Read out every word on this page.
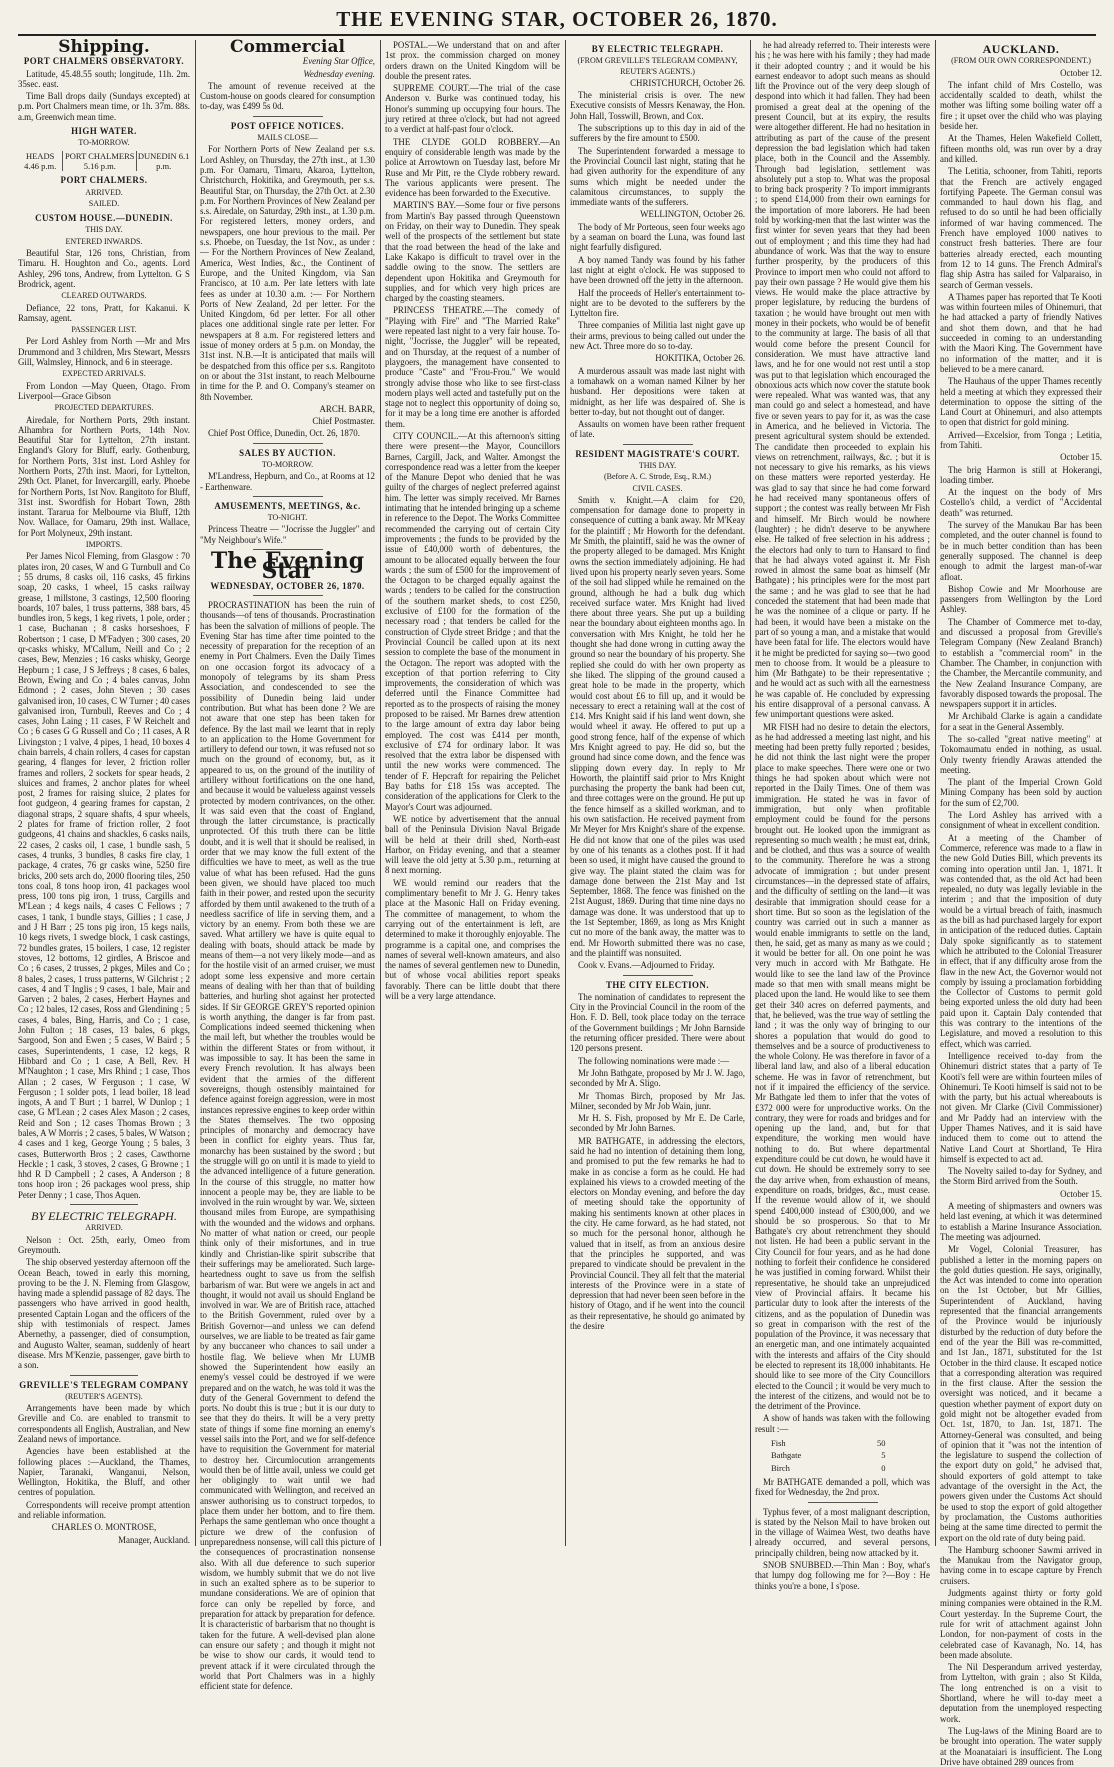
THE EVENING STAR, OCTOBER 26, 1870.

Shipping.

PORT CHALMERS OBSERVATORY.

Latitude, 45.48.55 south; longitude, 11h. 2m. 35sec. east.

Time Ball drops daily (Sundays excepted) at p.m. Port Chalmers mean time, or 1h. 37m. 88s. a.m, Greenwich mean time.

HIGH WATER.

TO-MORROW.

HEADS 4.46 p.m.	PORT CHALMERS 5.16 p.m.	DUNEDIN 6.1 p.m.

PORT CHALMERS.

ARRIVED.

SAILED.

CUSTOM HOUSE.—DUNEDIN.

THIS DAY.

ENTERED INWARDS.

Beautiful Star, 126 tons, Christian, from Timaru. H. Houghton and Co., agents. Lord Ashley, 296 tons, Andrew, from Lyttelton. G S Brodrick, agent.

CLEARED OUTWARDS.

Defiance, 22 tons, Pratt, for Kakanui. K Ramsay, agent.

PASSENGER LIST.

Per Lord Ashley from North —Mr and Mrs Drummond and 3 children, Mrs Stewart, Messrs Gill, Walmsley, Hinnock, and 6 in steerage.

EXPECTED ARRIVALS.

From London —May Queen, Otago. From Liverpool—Grace Gibson

PROJECTED DEPARTURES.

Airedale, for Northern Ports, 29th instant. Alhambra for Northern Ports, 14th Nov. Beautiful Star for Lyttelton, 27th instant. England's Glory for Bluff, early. Gothenburg, for Northern Ports, 31st inst. Lord Ashley for Northern Ports, 27th inst. Maori, for Lyttelton, 29th Oct. Planet, for Invercargill, early. Phoebe for Northern Ports, 1st Nov. Rangitoto for Bluff, 31st inst. Swordfish for Hobart Town, 28th instant. Tararua for Melbourne via Bluff, 12th Nov. Wallace, for Oamaru, 29th inst. Wallace, for Port Molyneux, 29th instant.

IMPORTS.

Per James Nicol Fleming, from Glasgow : 70 plates iron, 20 cases, W and G Turnbull and Co ; 55 drums, 8 casks oil, 116 casks, 45 firkins soap, 20 casks, 1 wheel, 15 casks railway grease, 1 millstone, 3 castings, 12,500 flooring boards, 107 bales, 1 truss patterns, 388 bars, 45 bundles iron, 5 kegs, 1 keg rivets, 1 pole, order ; 1 case, Buchanan ; 8 casks horseshoes, F Robertson ; 1 case, D M'Fadyen ; 300 cases, 20 qr-casks whisky, M'Callum, Neill and Co ; 2 cases, Bew, Menzies ; 16 casks whisky, George Hepburn ; 1 case, J S Jeffreys ; 8 cases, 6 bales, Brown, Ewing and Co ; 4 bales canvas, John Edmond ; 2 cases, John Steven ; 30 cases galvanised iron, 10 cases, C W Turner ; 40 cases galvanised iron, Turnbull, Reeves and Co ; 4 cases, John Laing ; 11 cases, F W Reichelt and Co ; 6 cases G G Russell and Co ; 11 cases, A R Livingston ; 1 valve, 4 pipes, 1 head, 10 boxes 4 chain barrels, 4 chain rollers, 4 cases for capstan gearing, 4 flanges for lever, 2 friction roller frames and rollers, 2 sockets for spear heads, 2 sluices and frames, 2 anchor plates for wheel post, 2 frames for raising sluice, 2 plates for foot gudgeon, 4 gearing frames for capstan, 2 diagonal straps, 2 square shafts, 4 spur wheels, 2 plates for frame of friction roller, 2 foot gudgeons, 41 chains and shackles, 6 casks nails, 22 cases, 2 casks oil, 1 case, 1 bundle sash, 5 cases, 4 trunks, 3 bundles, 8 casks fire clay, 1 package, 4 crates, 76 gr casks wine, 5250 fire bricks, 200 sets arch do, 2000 flooring tiles, 250 tons coal, 8 tons hoop iron, 41 packages wool press, 100 tons pig iron, 1 truss, Cargills and M'Lean ; 4 kegs nails, 4 cases C Fellows ; 7 cases, 1 tank, 1 bundle stays, Gillies ; 1 case, J and J H Barr ; 25 tons pig iron, 15 kegs nails, 10 kegs rivets, 1 swedge block, 1 cask castings, 72 bundles grates, 15 boilers, 1 case, 12 register stoves, 12 bottoms, 12 girdles, A Briscoe and Co ; 6 cases, 2 trusses, 2 pkges, Miles and Co ; 8 bales, 2 cases, 1 truss patterns, W Gilchrist ; 2 cases, 4 and T Inglis ; 9 cases, 1 bale, Mair and Garven ; 2 bales, 2 cases, Herbert Haynes and Co ; 12 bales, 12 cases, Ross and Glendining ; 5 cases, 4 bales, Bing, Harris, and Co ; 1 case, John Fulton ; 18 cases, 13 bales, 6 pkgs, Sargood, Son and Ewen ; 5 cases, W Baird ; 5 cases, Superintendents, 1 case, 12 kegs, R Hibbard and Co ; 1 case, A Bell, Rev. H M'Naughton ; 1 case, Mrs Rhind ; 1 case, Thos Allan ; 2 cases, W Ferguson ; 1 case, W Ferguson ; 1 solder pots, 1 lead boiler, 18 lead ingots, A and T Burt ; 1 barrel, W Dunlop ; 1 case, G M'Lean ; 2 cases Alex Mason ; 2 cases, Reid and Son ; 12 cases Thomas Brown ; 3 bales, A W Morris ; 2 cases, 5 bales, W Watson ; 4 cases and 1 keg, George Young ; 5 bales, 3 cases, Butterworth Bros ; 2 cases, Cawthorne Heckle ; 1 cask, 3 stoves, 2 cases, G Browne ; 1 hhd R D Campbell ; 2 cases, A Anderson ; 8 tons hoop iron ; 26 packages wool press, ship Peter Denny ; 1 case, Thos Aquen.

BY ELECTRIC TELEGRAPH.

ARRIVED.

Nelson : Oct. 25th, early, Omeo from Greymouth.

The ship observed yesterday afternoon off the Ocean Beach, towed in early this morning, proving to be the J. N. Fleming from Glasgow, having made a splendid passage of 82 days. The passengers who have arrived in good health, presented Captain Logan and the officers of the ship with testimonials of respect. James Abernethy, a passenger, died of consumption, and Augusto Walter, seaman, suddenly of heart disease. Mrs M'Kenzie, passenger, gave birth to a son.

GREVILLE'S TELEGRAM COMPANY

(REUTER'S AGENTS).

Arrangements have been made by which Greville and Co. are enabled to transmit to correspondents all English, Australian, and New Zealand news of importance.

Agencies have been established at the following places :—Auckland, the Thames, Napier, Taranaki, Wanganui, Nelson, Wellington, Hokitika, the Bluff, and other centres of population.

Correspondents will receive prompt attention and reliable information.

CHARLES O. MONTROSE,

Manager, Auckland.

Commercial

Evening Star Office,

Wednesday evening.

The amount of revenue received at the Custom-house on goods cleared for consumption to-day, was £499 5s 0d.

POST OFFICE NOTICES.

MAILS CLOSE—

For Northern Ports of New Zealand per s.s. Lord Ashley, on Thursday, the 27th inst., at 1.30 p.m. For Oamaru, Timaru, Akaroa, Lyttelton, Christchurch, Hokitika, and Greymouth, per s.s. Beautiful Star, on Thursday, the 27th Oct. at 2.30 p.m. For Northern Provinces of New Zealand per s.s. Airedale, on Saturday, 29th inst., at 1.30 p.m. For registered letters, money orders, and newspapers, one hour previous to the mail. Per s.s. Phoebe, on Tuesday, the 1st Nov., as under :— For the Northern Provinces of New Zealand, America, West Indies, &c., the Continent of Europe, and the United Kingdom, via San Francisco, at 10 a.m. Per late letters with late fees as under at 10.30 a.m. :— For Northern Ports of New Zealand, 2d per letter. For the United Kingdom, 6d per letter. For all other places one additional single rate per letter. For newspapers at 8 a.m. For registered letters and issue of money orders at 5 p.m. on Monday, the 31st inst. N.B.—It is anticipated that mails will be despatched from this office per s.s. Rangitoto on or about the 31st instant, to reach Melbourne in time for the P. and O. Company's steamer on 8th November.

ARCH. BARR,

Chief Postmaster.

Chief Post Office, Dunedin, Oct. 26, 1870.

SALES BY AUCTION.

TO-MORROW.

M'Landress, Hepburn, and Co., at Rooms at 12 - Earthenware.

AMUSEMENTS, MEETINGS, &c.

TO-NIGHT.

Princess Theatre — "Jocrisse the Juggler" and "My Neighbour's Wife."

The Evening Star

WEDNESDAY, OCTOBER 26, 1870.

PROCRASTINATION has been the ruin of thousands—of tens of thousands. Procrastination has been the salvation of millions of people. The Evening Star has time after time pointed to the necessity of preparation for the reception of an enemy in Port Chalmers. Even the Daily Times on one occasion forgot its advocacy of a monopoly of telegrams by its sham Press Association, and condescended to see the possibility of Dunedin being laid under contribution. But what has been done ? We are not aware that one step has been taken for defence. By the last mail we learnt that in reply to an application to the Home Government for artillery to defend our town, it was refused not so much on the ground of economy, but, as it appeared to us, on the ground of the inutility of artillery without fortifications on the one hand, and because it would be valueless against vessels protected by modern contrivances, on the other. It was said even that the coast of England, through the latter circumstance, is practically unprotected. Of this truth there can be little doubt, and it is well that it should be realised, in order that we may know the full extent of the difficulties we have to meet, as well as the true value of what has been refused. Had the guns been given, we should have placed too much faith in their power, and rested upon the security afforded by them until awakened to the truth of a needless sacrifice of life in serving them, and a victory by an enemy. From both these we are saved. What artillery we have is quite equal to dealing with boats, should attack be made by means of them—a not very likely mode—and as for the hostile visit of an armed cruiser, we must adopt some less expensive and more certain means of dealing with her than that of building batteries, and hurling shot against her protected sides. If Sir GEORGE GREY'S reported opinion is worth anything, the danger is far from past. Complications indeed seemed thickening when the mail left, but whether the troubles would be within the different States or from without, it was impossible to say. It has been the same in every French revolution. It has always been evident that the armies of the different sovereigns, though ostensibly maintained for defence against foreign aggression, were in most instances repressive engines to keep order within the States themselves. The two opposing principles of monarchy and democracy have been in conflict for eighty years. Thus far, monarchy has been sustained by the sword ; but the struggle will go on until it is made to yield to the advanced intelligence of a future generation. In the course of this struggle, no matter how innocent a people may be, they are liable to be involved in the ruin wrought by war. We, sixteen thousand miles from Europe, are sympathising with the wounded and the widows and orphans. No matter of what nation or creed, our people think only of their misfortunes, and in true kindly and Christian-like spirit subscribe that their sufferings may be ameliorated. Such large-heartedness ought to save us from the selfish barbarism of war. But were we angels in act and thought, it would not avail us should England be involved in war. We are of British race, attached to the British Government, ruled over by a British Governor—and unless we can defend ourselves, we are liable to be treated as fair game by any buccaneer who chances to sail under a hostile flag. We believe when Mr LUMB showed the Superintendent how easily an enemy's vessel could be destroyed if we were prepared and on the watch, he was told it was the duty of the General Government to defend the ports. No doubt this is true ; but it is our duty to see that they do theirs. It will be a very pretty state of things if some fine morning an enemy's vessel sails into the Port, and we for self-defence have to requisition the Government for material to destroy her. Circumlocution arrangements would then be of little avail, unless we could get her obligingly to wait until we had communicated with Wellington, and received an answer authorising us to construct torpedos, to place them under her bottom, and to fire them. Perhaps the same gentleman who once thought a picture we drew of the confusion of unpreparedness nonsense, will call this picture of the consequences of procrastination nonsense also. With all due deference to such superior wisdom, we humbly submit that we do not live in such an exalted sphere as to be superior to mundane considerations. We are of opinion that force can only be repelled by force, and preparation for attack by preparation for defence. It is characteristic of barbarism that no thought is taken for the future. A well-devised plan alone can ensure our safety ; and though it might not be wise to show our cards, it would tend to prevent attack if it were circulated through the world that Port Chalmers was in a highly efficient state for defence.

POSTAL.—We understand that on and after 1st prox. the commission charged on money orders drawn on the United Kingdom will be double the present rates.

SUPREME COURT.—The trial of the case Anderson v. Burke was continued today, his Honor's summing up occupying four hours. The jury retired at three o'clock, but had not agreed to a verdict at half-past four o'clock.

THE CLYDE GOLD ROBBERY.—An enquiry of considerable length was made by the police at Arrowtown on Tuesday last, before Mr Ruse and Mr Pitt, re the Clyde robbery reward. The various applicants were present. The evidence has been forwarded to the Executive.

MARTIN'S BAY.—Some four or five persons from Martin's Bay passed through Queenstown on Friday, on their way to Dunedin. They speak well of the prospects of the settlement but state that the road between the head of the lake and Lake Kakapo is difficult to travel over in the saddle owing to the snow. The settlers are dependent upon Hokitika and Greymouth for supplies, and for which very high prices are charged by the coasting steamers.

PRINCESS THEATRE.—The comedy of "Playing with Fire" and "The Married Rake" were repeated last night to a very fair house. To-night, "Jocrisse, the Juggler" will be repeated, and on Thursday, at the request of a number of playgoers, the management have consented to produce "Caste" and "Frou-Frou." We would strongly advise those who like to see first-class modern plays well acted and tastefully put on the stage not to neglect this opportunity of doing so, for it may be a long time ere another is afforded them.

CITY COUNCIL.—At this afternoon's sitting there were present—the Mayor, Councillors Barnes, Cargill, Jack, and Walter. Amongst the correspondence read was a letter from the keeper of the Manure Depot who denied that he was guilty of the charges of neglect preferred against him. The letter was simply received. Mr Barnes intimating that he intended bringing up a scheme in reference to the Depot. The Works Committee recommended the carrying out of certain City improvements ; the funds to be provided by the issue of £40,000 worth of debentures, the amount to be allocated equally between the four wards ; the sum of £500 for the improvement of the Octagon to be charged equally against the wards ; tenders to be called for the construction of the southern market sheds, to cost £250, exclusive of £100 for the formation of the necessary road ; that tenders be called for the construction of Clyde street Bridge ; and that the Provincial Council be called upon at its next session to complete the base of the monument in the Octagon. The report was adopted with the exception of that portion referring to City improvements, the consideration of which was deferred until the Finance Committee had reported as to the prospects of raising the money proposed to be raised. Mr Barnes drew attention to the large amount of extra day labor being employed. The cost was £414 per month, exclusive of £74 for ordinary labor. It was resolved that the extra labor be dispensed with until the new works were commenced. The tender of F. Hepcraft for repairing the Pelichet Bay baths for £18 15s was accepted. The consideration of the applications for Clerk to the Mayor's Court was adjourned.

WE notice by advertisement that the annual ball of the Peninsula Division Naval Brigade will be held at their drill shed, North-east Harbor, on Friday evening, and that a steamer will leave the old jetty at 5.30 p.m., returning at 8 next morning.

WE would remind our readers that the complimentary benefit to Mr J. G. Henry takes place at the Masonic Hall on Friday evening. The committee of management, to whom the carrying out of the entertainment is left, are determined to make it thoroughly enjoyable. The programme is a capital one, and comprises the names of several well-known amateurs, and also the names of several gentlemen new to Dunedin, but of whose vocal abilities report speaks favorably. There can be little doubt that there will be a very large attendance.

BY ELECTRIC TELEGRAPH.

(FROM GREVILLE'S TELEGRAM COMPANY, REUTER'S AGENTS.)

CHRISTCHURCH, October 26.

The ministerial crisis is over. The new Executive consists of Messrs Kenaway, the Hon. John Hall, Tosswill, Brown, and Cox.

The subscriptions up to this day in aid of the sufferers by the fire amount to £500.

The Superintendent forwarded a message to the Provincial Council last night, stating that he had given authority for the expenditure of any sums which might be needed under the calamitous circumstances, to supply the immediate wants of the sufferers.

WELLINGTON, October 26.

The body of Mr Porteous, seen four weeks ago by a seaman on board the Luna, was found last night fearfully disfigured.

A boy named Tandy was found by his father last night at eight o'clock. He was supposed to have been drowned off the jetty in the afternoon.

Half the proceeds of Heller's entertainment to-night are to be devoted to the sufferers by the Lyttelton fire.

Three companies of Militia last night gave up their arms, previous to being called out under the new Act. Three more do so to-day.

HOKITIKA, October 26.

A murderous assault was made last night with a tomahawk on a woman named Kilner by her husband. Her depositions were taken at midnight, as her life was despaired of. She is better to-day, but not thought out of danger.

Assaults on women have been rather frequent of late.

RESIDENT MAGISTRATE'S COURT.

THIS DAY.

(Before A. C. Strode, Esq., R.M.)

CIVIL CASES.

Smith v. Knight.—A claim for £20, compensation for damage done to property in consequence of cutting a bank away. Mr M'Keay for the plaintiff ; Mr Howorth for the defendant. Mr Smith, the plaintiff, said he was the owner of the property alleged to be damaged. Mrs Knight owns the section immediately adjoining. He had lived upon his property nearly seven years. Some of the soil had slipped while he remained on the ground, although he had a bulk dug which received surface water. Mrs Knight had lived there about three years. She put up a building near the boundary about eighteen months ago. In conversation with Mrs Knight, he told her he thought she had done wrong in cutting away the ground so near the boundary of his property. She replied she could do with her own property as she liked. The slipping of the ground caused a great hole to be made in the property, which would cost about £6 to fill up, and it would be necessary to erect a retaining wall at the cost of £14. Mrs Knight said if his land went down, she would wheel it away. He offered to put up a good strong fence, half of the expense of which Mrs Knight agreed to pay. He did so, but the ground had since come down, and the fence was slipping down every day. In reply to Mr Howorth, the plaintiff said prior to Mrs Knight purchasing the property the bank had been cut, and three cottages were on the ground. He put up the fence himself as a skilled workman, and to his own satisfaction. He received payment from Mr Meyer for Mrs Knight's share of the expense. He did not know that one of the piles was used by one of his tenants as a clothes post. If it had been so used, it might have caused the ground to give way. The plaint stated the claim was for damage done between the 21st May and 1st September, 1868. The fence was finished on the 21st August, 1869. During that time nine days no damage was done. It was understood that up to the 1st September, 1869, as long as Mrs Knight cut no more of the bank away, the matter was to end. Mr Howorth submitted there was no case, and the plaintiff was nonsuited.

Cook v. Evans.—Adjourned to Friday.

THE CITY ELECTION.

The nomination of candidates to represent the City in the Provincial Council in the room of the Hon. F. D. Bell, took place today on the terrace of the Government buildings ; Mr John Barnside the returning officer presided. There were about 120 persons present.

The following nominations were made :—

Mr John Bathgate, proposed by Mr J. W. Jago, seconded by Mr A. Sligo.

Mr Thomas Birch, proposed by Mr Jas. Milner, seconded by Mr Job Wain, junr.

Mr H. S. Fish, proposed by Mr E. De Carle, seconded by Mr John Barnes.

MR BATHGATE, in addressing the electors, said he had no intention of detaining them long, and promised to put the few remarks he had to make in as concise a form as he could. He had explained his views to a crowded meeting of the electors on Monday evening, and before the day of meeting should take the opportunity of making his sentiments known at other places in the city. He came forward, as he had stated, not so much for the personal honor, although he valued that in itself, as from an anxious desire that the principles he supported, and was prepared to vindicate should be prevalent in the Provincial Council. They all felt that the material interests of the Province were in a state of depression that had never been seen before in the history of Otago, and if he went into the council as their representative, he should go animated by the desire

he had already referred to. Their interests were his ; he was here with his family ; they had made it their adopted country ; and it would be his earnest endeavor to adopt such means as should lift the Province out of the very deep slough of despond into which it had fallen. They had been promised a great deal at the opening of the present Council, but at its expiry, the results were altogether different. He had no hesitation in attributing as part of the cause of the present depression the bad legislation which had taken place, both in the Council and the Assembly. Through bad legislation, settlement was absolutely put a stop to. What was the proposal to bring back prosperity ? To import immigrants ; to spend £14,000 from their own earnings for the importation of more laborers. He had been told by working-men that the last winter was the first winter for seven years that they had been out of employment ; and this time they had had abundance of work. Was that the way to ensure further prosperity, by the producers of this Province to import men who could not afford to pay their own passage ? He would give them his views. He would make the place attractive by proper legislature, by reducing the burdens of taxation ; he would have brought out men with money in their pockets, who would be of benefit to the community at large. The basis of all that would come before the present Council for consideration. We must have attractive land laws, and he for one would not rest until a stop was put to that legislation which encouraged the obnoxious acts which now cover the statute book were repealed. What was wanted was, that any man could go and select a homestead, and have five or seven years to pay for it, as was the case in America, and he believed in Victoria. The present agricultural system should be extended. The candidate then proceeded to explain his views on retrenchment, railways, &c. ; but it is not necessary to give his remarks, as his views on these matters were reported yesterday. He was glad to say that since he had come forward he had received many spontaneous offers of support ; the contest was really between Mr Fish and himself. Mr Birch would be nowhere (laughter) ; he didn't deserve to be anywhere else. He talked of free selection in his address ; the electors had only to turn to Hansard to find that he had always voted against it. Mr Fish rowed in almost the same boat as himself (Mr Bathgate) ; his principles were for the most part the same ; and he was glad to see that he had conceded the statement that had been made that he was the nominee of a clique or party. If he had been, it would have been a mistake on the part of so young a man, and a mistake that would have been fatal for life. The electors would have it he might be predicted for saying so—two good men to choose from. It would be a pleasure to him (Mr Bathgate) to be their representative ; and he would act as such with all the earnestness he was capable of. He concluded by expressing his entire disapproval of a personal canvass. A few unimportant questions were asked.

MR FISH had no desire to detain the electors, as he had addressed a meeting last night, and his meeting had been pretty fully reported ; besides, he did not think the last night were the proper place to make speeches. There were one or two things he had spoken about which were not reported in the Daily Times. One of them was immigration. He stated he was in favor of immigration, but only when profitable employment could be found for the persons brought out. He looked upon the immigrant as representing so much wealth ; he must eat, drink, and be clothed, and thus was a source of wealth to the community. Therefore he was a strong advocate of immigration ; but under present circumstances—in the depressed state of affairs, and the difficulty of settling on the land—it was desirable that immigration should cease for a short time. But so soon as the legislation of the country was carried out in such a manner as would enable immigrants to settle on the land, then, he said, get as many as many as we could ; it would be better for all. On one point he was very much in accord with Mr Bathgate. He would like to see the land law of the Province made so that men with small means might be placed upon the land. He would like to see them get their 340 acres on deferred payments, and that, he believed, was the true way of settling the land ; it was the only way of bringing to our shores a population that would do good to themselves and be a source of productiveness to the whole Colony. He was therefore in favor of a liberal land law, and also of a liberal education scheme. He was in favor of retrenchment, but not if it impaired the efficiency of the service. Mr Bathgate led them to infer that the votes of £372 000 were for unproductive works. On the contrary, they were for roads and bridges and for opening up the land, and, but for that expenditure, the working men would have nothing to do. But where departmental expenditure could be cut down, he would have it cut down. He should be extremely sorry to see the day arrive when, from exhaustion of means, expenditure on roads, bridges, &c., must cease. If the revenue would allow of it, we should spend £400,000 instead of £300,000, and we should be so prosperous. So that to Mr Bathgate's cry about retrenchment they should not listen. He had been a public servant in the City Council for four years, and as he had done nothing to forfeit their confidence he considered he was justified in coming forward. Whilst their representative, he should take an unprejudiced view of Provincial affairs. It became his particular duty to look after the interests of the citizens, and as the population of Dunedin was so great in comparison with the rest of the population of the Province, it was necessary that an energetic man, and one intimately acquainted with the interests and affairs of the City should be elected to represent its 18,000 inhabitants. He should like to see more of the City Councillors elected to the Council ; it would be very much to the interest of the citizens, and would not be to the detriment of the Province.

A show of hands was taken with the following result :—

Fish	50
Bathgate	5
Birch	0

Mr BATHGATE demanded a poll, which was fixed for Wednesday, the 2nd prox.

Typhus fever, of a most malignant description, is stated by the Nelson Mail to have broken out in the village of Waimea West, two deaths have already occurred, and several persons, principally children, being now attacked by it.

SNOB SNUBBED.—Thin Man : Boy, what's that lumpy dog following me for ?—Boy : He thinks you're a bone, I s'pose.

AUCKLAND.

(FROM OUR OWN CORRESPONDENT.)

October 12.

The infant child of Mrs Costello, was accidentally scalded to death, whilst the mother was lifting some boiling water off a fire ; it upset over the child who was playing beside her.

At the Thames, Helen Wakefield Collett, fifteen months old, was run over by a dray and killed.

The Letitia, schooner, from Tahiti, reports that the French are actively engaged fortifying Papeete. The German consul was commanded to haul down his flag, and refused to do so until he had been officially informed of war having commenced. The French have employed 1000 natives to construct fresh batteries. There are four batteries already erected, each mounting from 12 to 14 guns. The French Admiral's flag ship Astra has sailed for Valparaiso, in search of German vessels.

A Thames paper has reported that Te Kooti was within fourteen miles of Ohinemuri, that he had attacked a party of friendly Natives and shot them down, and that he had succeeded in coming to an understanding with the Maori King. The Government have no information of the matter, and it is believed to be a mere canard.

The Hauhaus of the upper Thames recently held a meeting at which they expressed their determination to oppose the sitting of the Land Court at Ohinemuri, and also attempts to open that district for gold mining.

Arrived—Excelsior, from Tonga ; Letitia, from Tahiti.

October 15.

The brig Harmon is still at Hokerangi, loading timber.

At the inquest on the body of Mrs Costello's child, a verdict of "Accidental death" was returned.

The survey of the Manukau Bar has been completed, and the outer channel is found to be in much better condition than has been generally supposed. The channel is deep enough to admit the largest man-of-war afloat.

Bishop Cowie and Mr Moorhouse are passengers from Wellington by the Lord Ashley.

The Chamber of Commerce met to-day, and discussed a proposal from Greville's Telegram Company (New Zealand Branch) to establish a "commercial room" in the Chamber. The Chamber, in conjunction with the Chamber, the Mercantile community, and the New Zealand Insurance Company, are favorably disposed towards the proposal. The newspapers support it in articles.

Mr Archibald Clarke is again a candidate for a seat in the General Assembly.

The so-called "great native meeting" at Tokomaumatu ended in nothing, as usual. Only twenty friendly Arawas attended the meeting.

The plant of the Imperial Crown Gold Mining Company has been sold by auction for the sum of £2,700.

The Lord Ashley has arrived with a consignment of wheat in excellent condition.

At a meeting of the Chamber of Commerce, reference was made to a flaw in the new Gold Duties Bill, which prevents its coming into operation until Jan. 1, 1871. It was contended that, as the old Act had been repealed, no duty was legally leviable in the interim ; and that the imposition of duty would be a virtual breach of faith, inasmuch as the bill as had purchased largely for export in anticipation of the reduced duties. Captain Daly spoke significantly as to statement which he attributed to the Colonial Treasurer in effect, that if any difficulty arose from the flaw in the new Act, the Governor would not comply by issuing a proclamation forbidding the Collector of Customs to permit gold being exported unless the old duty had been paid upon it. Captain Daly contended that this was contrary to the intentions of the Legislature, and moved a resolution to this effect, which was carried.

Intelligence received to-day from the Ohinemuri district states that a party of Te Kooti's fell were are within fourteen miles of Ohinemuri. Te Kooti himself is said not to be with the party, but his actual whereabouts is not given. Mr Clarke (Civil Commissioner) and Mr Paddy had an interview with the Upper Thames Natives, and it is said have induced them to come out to attend the Native Land Court at Shortland, Te Hira himself is expected to act ad.

The Novelty sailed to-day for Sydney, and the Storm Bird arrived from the South.

October 15.

A meeting of shipmasters and owners was held last evening, at which it was determined to establish a Marine Insurance Association. The meeting was adjourned.

Mr Vogel, Colonial Treasurer, has published a letter in the morning papers on the gold duties question. He says, originally, the Act was intended to come into operation on the 1st October, but Mr Gillies, Superintendent of Auckland, having represented that the financial arrangements of the Province would be injuriously disturbed by the reduction of duty before the end of the year the Bill was re-committed, and 1st Jan., 1871, substituted for the 1st October in the third clause. It escaped notice that a corresponding alteration was required in the first clause. After the session the oversight was noticed, and it became a question whether payment of export duty on gold might not be altogether evaded from Oct. 1st, 1870, to Jan. 1st, 1871. The Attorney-General was consulted, and being of opinion that it "was not the intention of the legislature to suspend the collection of the export duty on gold," he advised that, should exporters of gold attempt to take advantage of the oversight in the Act, the powers given under the Customs Act should be used to stop the export of gold altogether by proclamation, the Customs authorities being at the same time directed to permit the export on the old rate of duty being paid.

The Hamburg schooner Sawmi arrived in the Manukau from the Navigator group, having come in to escape capture by French cruisers.

Judgments against thirty or forty gold mining companies were obtained in the R.M. Court yesterday. In the Supreme Court, the rule for writ of attachment against John London, for non-payment of costs in the celebrated case of Kavanagh, No. 14, has been made absolute.

The Nil Desperandum arrived yesterday, from Lyttelton, with grain ; also St Kilda, The long entrenched is on a visit to Shortland, where he will to-day meet a deputation from the unemployed respecting work.

The Lug-laws of the Mining Board are to be brought into operation. The water supply at the Moanataiari is insufficient. The Long Drive have obtained 289 ounces from
